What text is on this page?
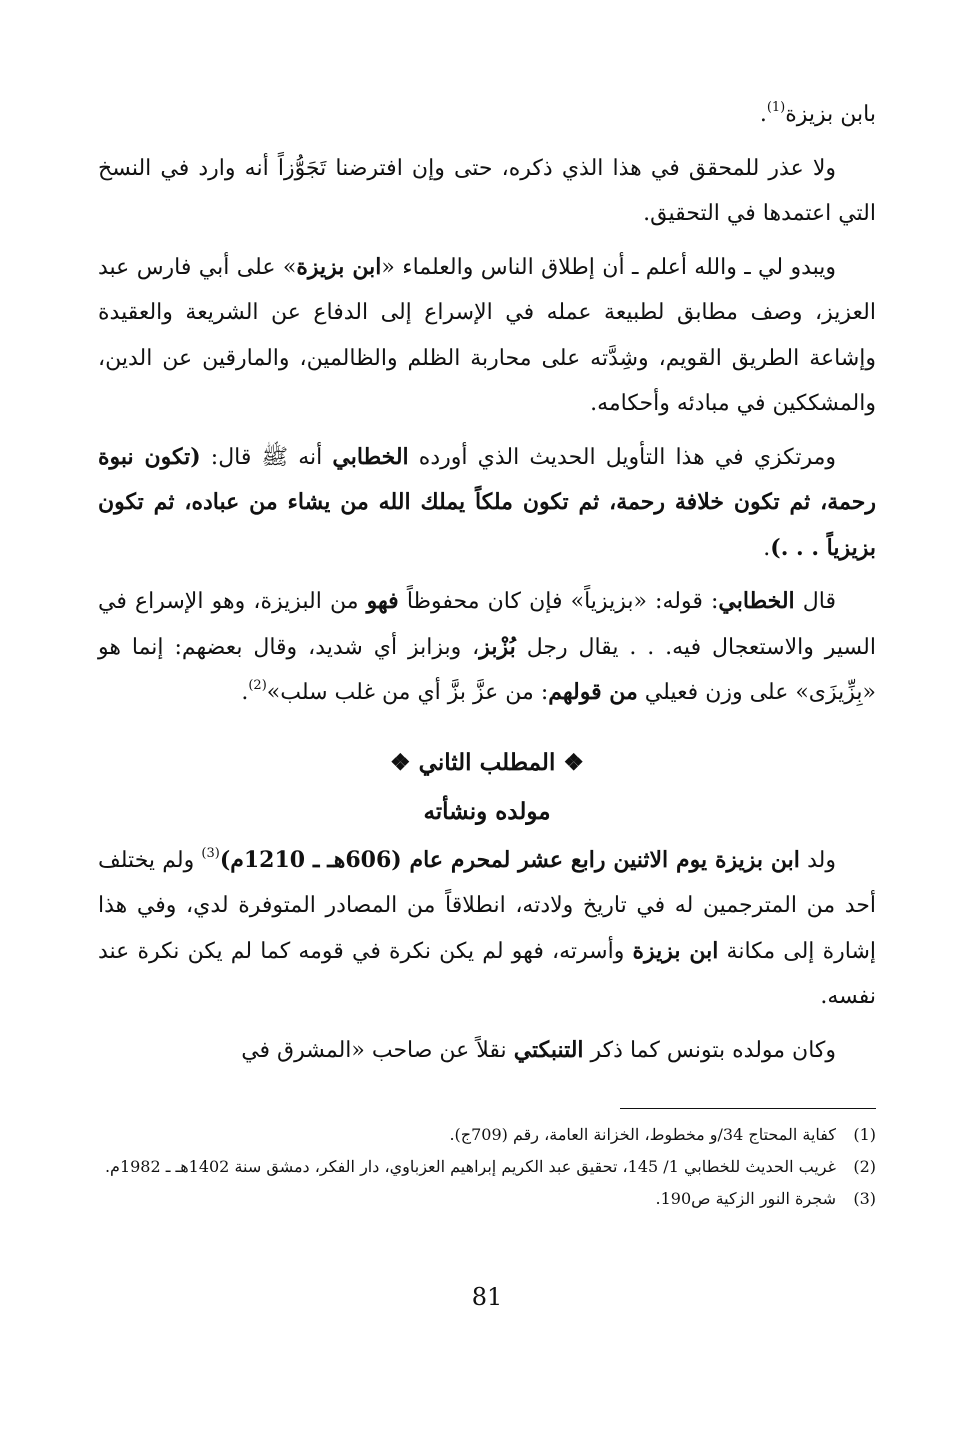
بابن بزيزة$^{(1)}$.

ولا عذر للمحقق في هذا الذي ذكره، حتى وإن افترضنا تَجَوُّزاً أنه وارد في النسخ التي اعتمدها في التحقيق.

ويبدو لي ـ والله أعلم ـ أن إطلاق الناس والعلماء «ابن بزيزة» على أبي فارس عبد العزيز، وصف مطابق لطبيعة عمله في الإسراع إلى الدفاع عن الشريعة والعقيدة وإشاعة الطريق القويم، وشِدَّته على محاربة الظلم والظالمين، والمارقين عن الدين، والمشككين في مبادئه وأحكامه.

ومرتكزي في هذا التأويل الحديث الذي أورده الخطابي أنه ﷺ قال: (تكون نبوة رحمة، ثم تكون خلافة رحمة، ثم تكون ملكاً يملك الله من يشاء من عباده، ثم تكون بزيزياً . . .).

قال الخطابي: قوله: «بزيزياً» فإن كان محفوظاً فهو من البزيزة، وهو الإسراع في السير والاستعجال فيه. . . يقال رجل بُزْبز، وبزابز أي شديد، وقال بعضهم: إنما هو «بِزِّيزَى» على وزن فعيلي من قولهم: من عزَّ بزَّ أي من غلب سلب»$^{(2)}$.

❖ المطلب الثاني ❖
مولده ونشأته

ولد ابن بزيزة يوم الاثنين رابع عشر لمحرم عام (606هـ ـ 1210م)$^{(3)}$ ولم يختلف أحد من المترجمين له في تاريخ ولادته، انطلاقاً من المصادر المتوفرة لدي، وفي هذا إشارة إلى مكانة ابن بزيزة وأسرته، فهو لم يكن نكرة في قومه كما لم يكن نكرة عند نفسه.

وكان مولده بتونس كما ذكر التنبكتي نقلاً عن صاحب «المشرق في

(1)
كفاية المحتاج 34/و مخطوط، الخزانة العامة، رقم (709ج).
(2)
غريب الحديث للخطابي 1/ 145، تحقيق عبد الكريم إبراهيم العزباوي، دار الفكر، دمشق سنة 1402هـ ـ 1982م.
(3)
شجرة النور الزكية ص190.
81
